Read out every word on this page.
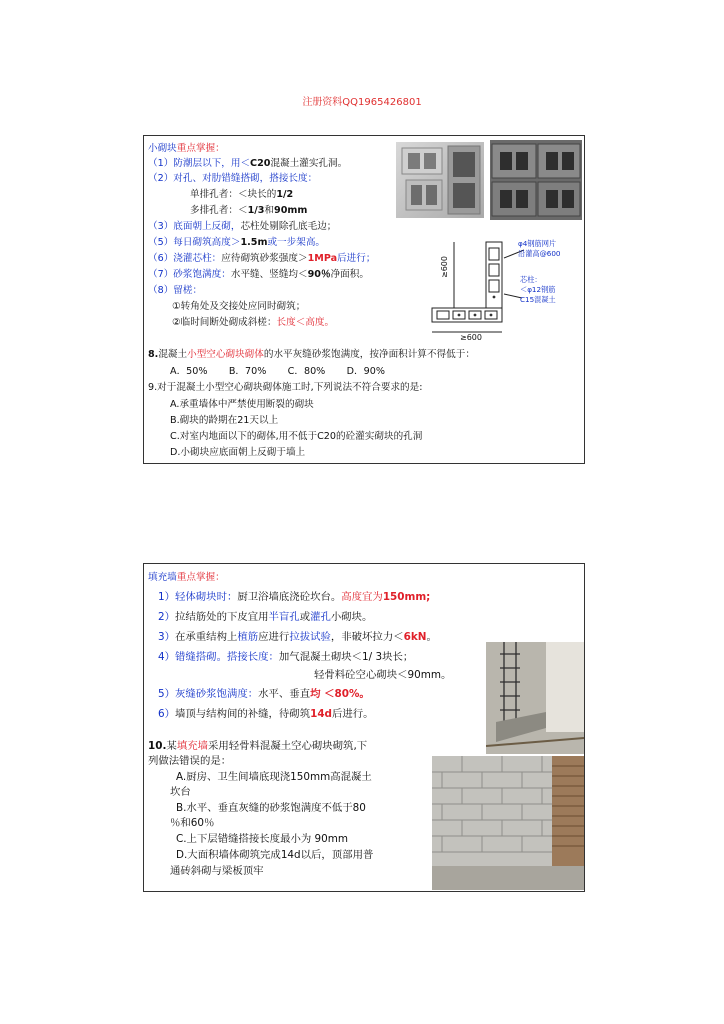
注册资料QQ1965426801
小砌块重点掌握：
（1）防潮层以下，用＜C20混凝土灌实孔洞。
（2）对孔、对肋错缝搭砌，搭接长度：
单排孔者：＜块长的1/2
多排孔者：＜1/3和90mm
（3）底面朝上反砌，芯柱处剔除孔底毛边；
（5）每日砌筑高度＞1.5m或一步架高。
（6）浇灌芯柱：应待砌筑砂浆强度＞1MPa后进行；
（7）砂浆饱满度：水平缝、竖缝均＜90％净面积。
（8）留槎：
①转角处及交接处应同时砌筑；
②临时间断处砌成斜槎：长度＜高度。
8.混凝土小型空心砌块砌体的水平灰缝砂浆饱满度，按净面积计算不得低于：
A．50%       B．70%       C．80%       D．90%
9.对于混凝土小型空心砌块砌体施工时,下列说法不符合要求的是:
A.承重墙体中严禁使用断裂的砌块
B.砌块的龄期在21天以上
C.对室内地面以下的砌体,用不低于C20的砼灌实砌块的孔洞
D.小砌块应底面朝上反砌于墙上
≥600
≥600
φ4钢筋网片
沿灌高@600
芯柱：
＜φ12钢筋
C15混凝土
填充墙重点掌握：
1）轻体砌块时：厨卫浴墙底浇砼坎台。高度宜为150mm;
2）拉结筋处的下皮宜用半盲孔或灌孔小砌块。
3）在承重结构上植筋应进行拉拔试验，非破坏拉力＜6kN。
4）错缝搭砌。搭接长度：加气混凝土砌块＜1/ 3块长；
轻骨料砼空心砌块＜90mm。
5）灰缝砂浆饱满度：水平、垂直均 ＜80%。
6）墙顶与结构间的补缝，待砌筑14d后进行。
10.某填充墙采用轻骨料混凝土空心砌块砌筑,下
列做法错误的是：
A.厨房、卫生间墙底现浇150mm高混凝土
坎台
B.水平、垂直灰缝的砂浆饱满度不低于80
％和60％
C.上下层错缝搭接长度最小为 90mm
D.大面积墙体砌筑完成14d以后，顶部用普
通砖斜砌与梁板顶牢
